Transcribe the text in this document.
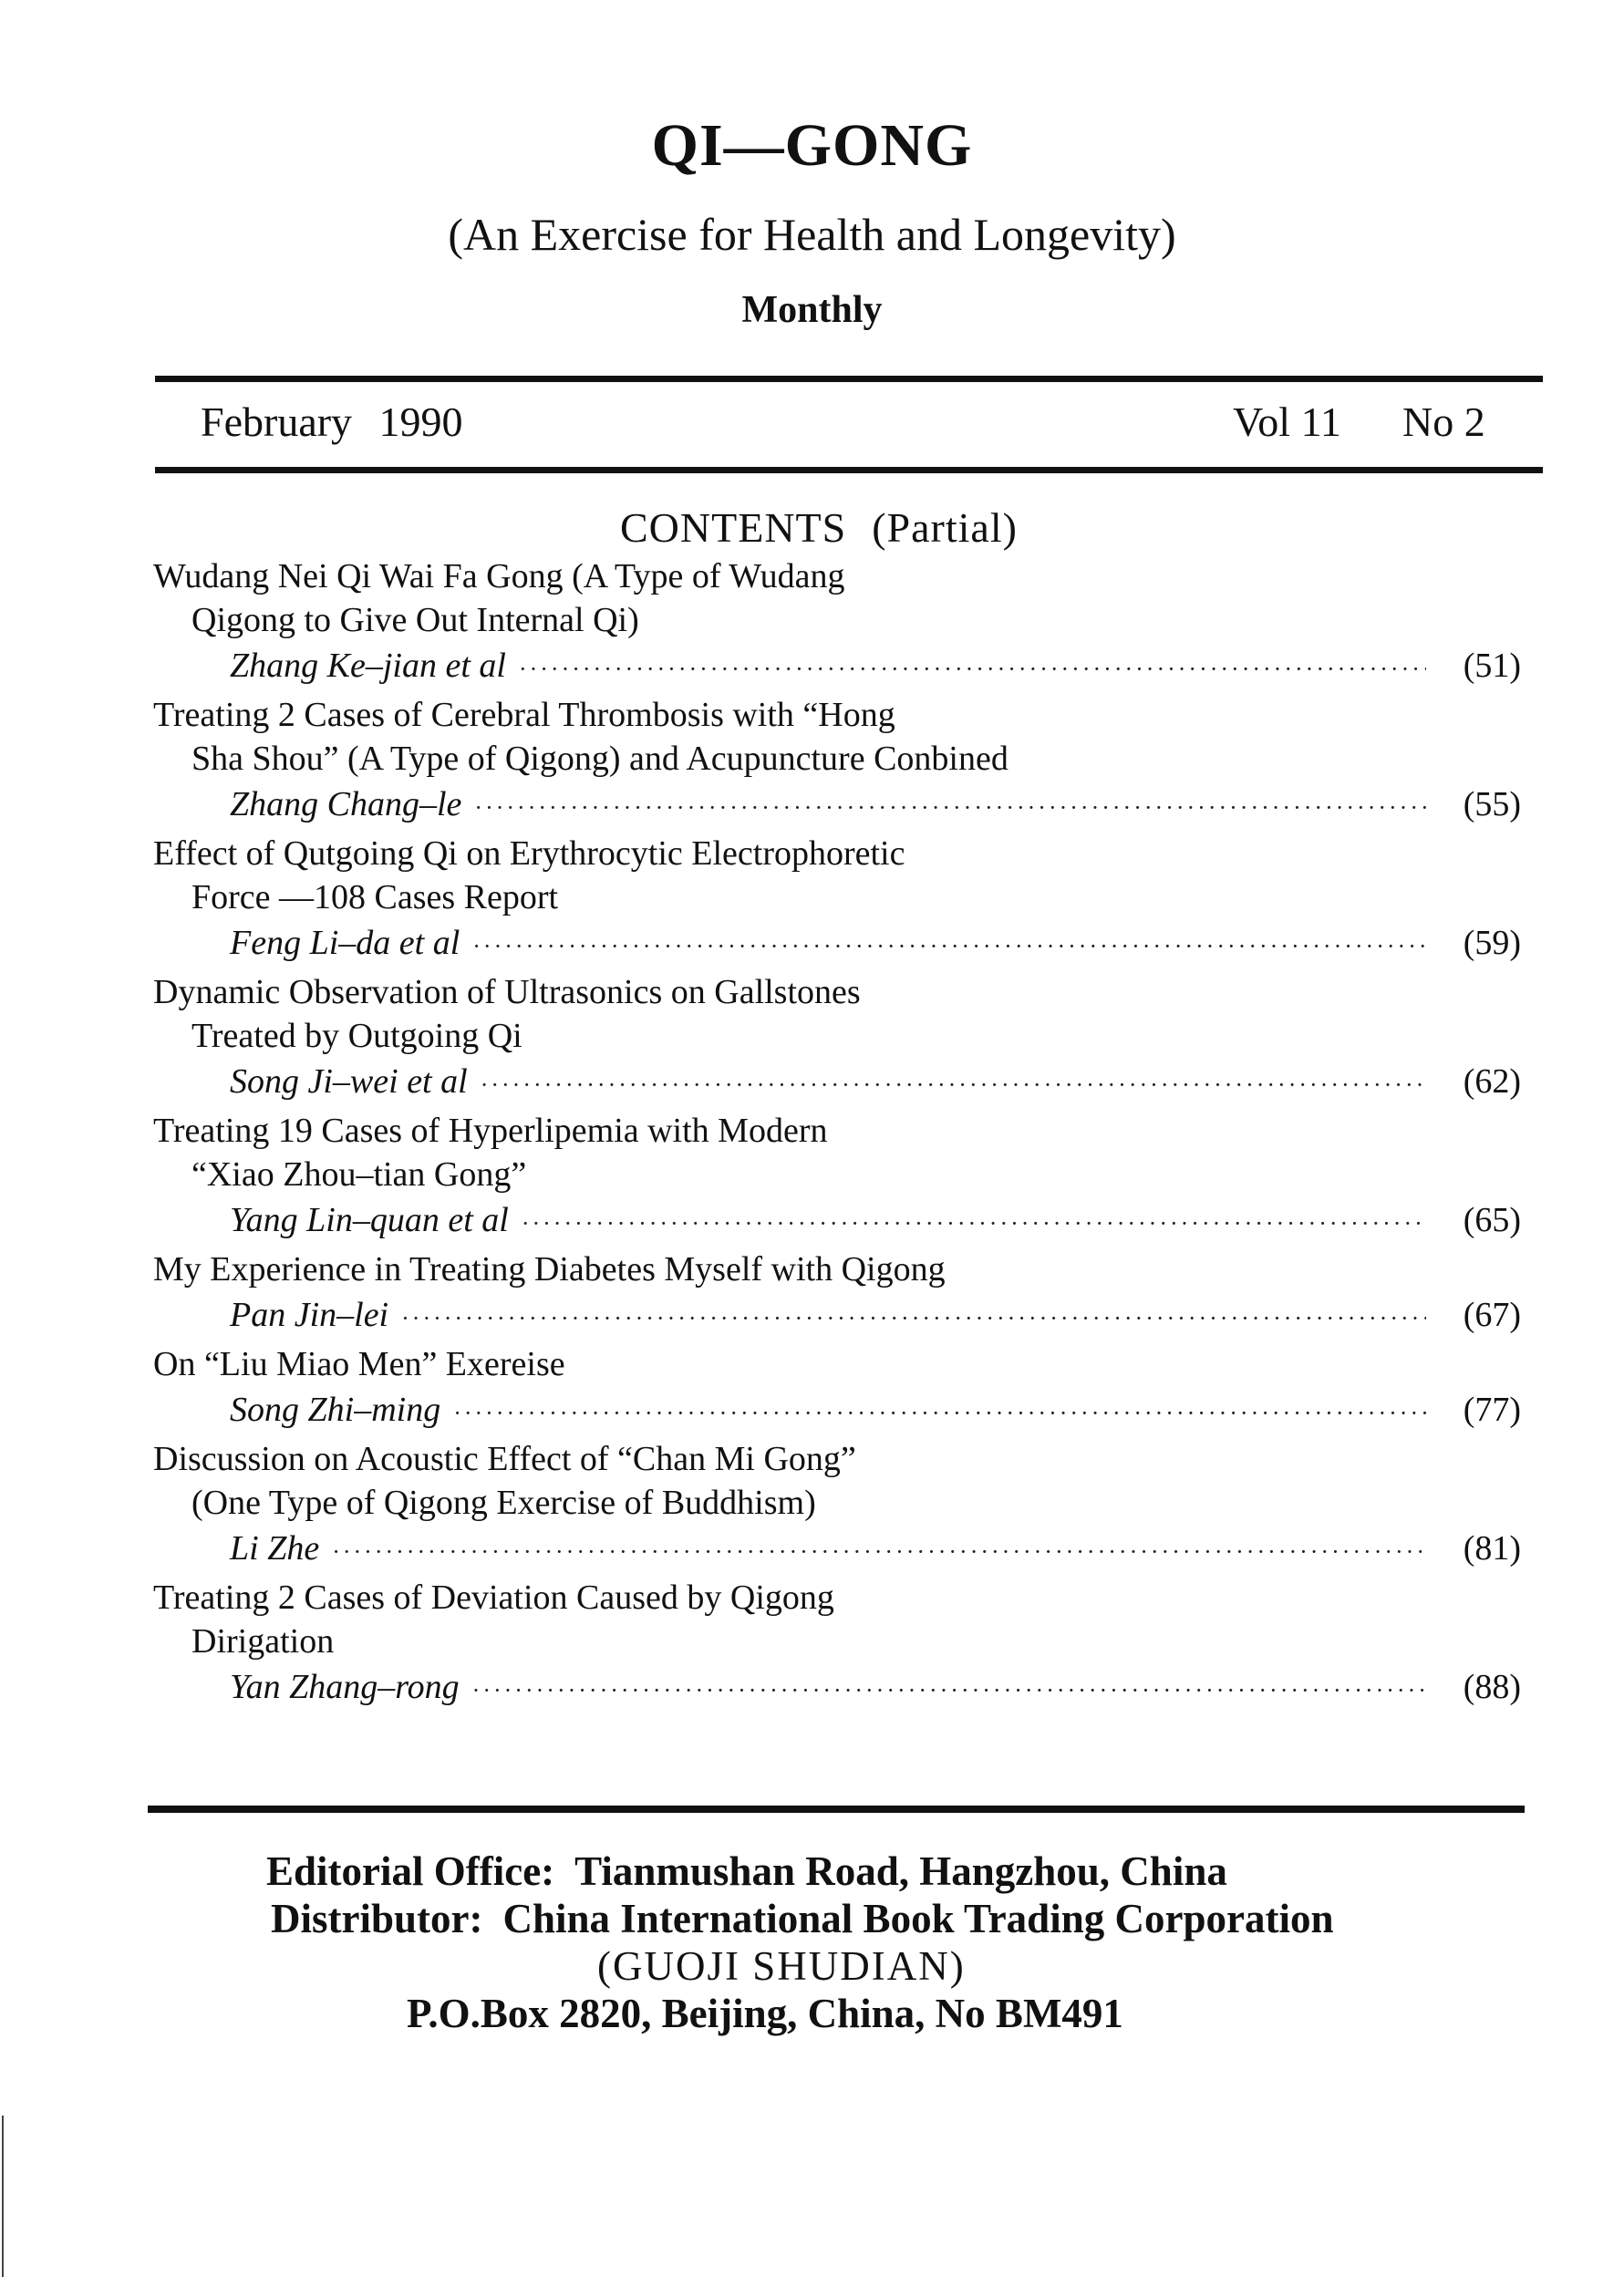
QI—GONG
(An Exercise for Health and Longevity)
Monthly
February 1990	Vol 11 No 2
CONTENTS (Partial)
Wudang Nei Qi Wai Fa Gong (A Type of Wudang
Qigong to Give Out Internal Qi)
Zhang Ke–jian et al ·····	(51)
Treating 2 Cases of Cerebral Thrombosis with “Hong
Sha Shou” (A Type of Qigong) and Acupuncture Conbined
Zhang Chang–le ·····	(55)
Effect of Qutgoing Qi on Erythrocytic Electrophoretic
Force —108 Cases Report
Feng Li–da et al ·····	(59)
Dynamic Observation of Ultrasonics on Gallstones
Treated by Outgoing Qi
Song Ji–wei et al ·····	(62)
Treating 19 Cases of Hyperlipemia with Modern
“Xiao Zhou–tian Gong”
Yang Lin–quan et al ·····	(65)
My Experience in Treating Diabetes Myself with Qigong
Pan Jin–lei ·····	(67)
On “Liu Miao Men” Exereise
Song Zhi–ming ·····	(77)
Discussion on Acoustic Effect of “Chan Mi Gong”
(One Type of Qigong Exercise of Buddhism)
Li Zhe ·····	(81)
Treating 2 Cases of Deviation Caused by Qigong
Dirigation
Yan Zhang–rong ·····	(88)
Editorial Office: Tianmushan Road, Hangzhou, China
Distributor: China International Book Trading Corporation
(GUOJI SHUDIAN)
P.O.Box 2820, Beijing, China, No BM491
